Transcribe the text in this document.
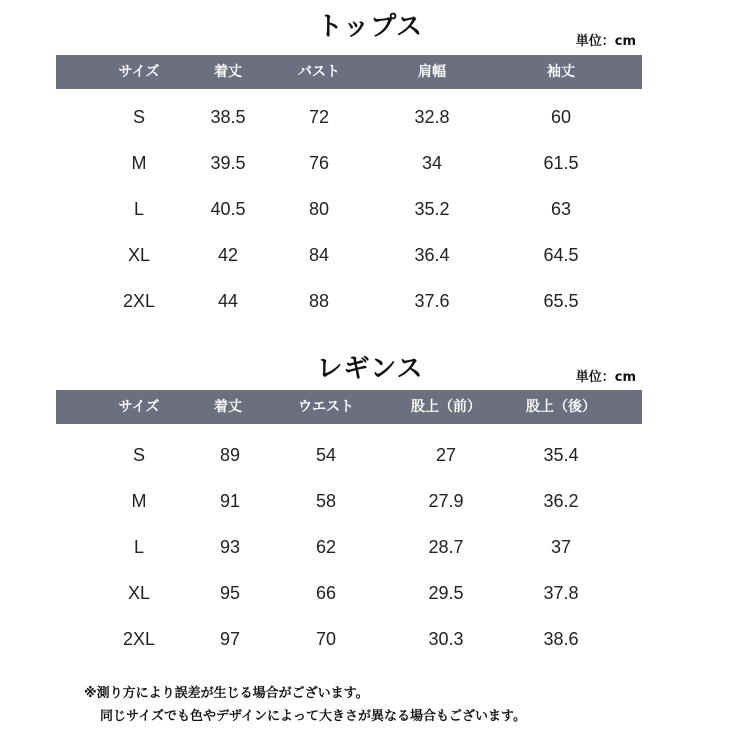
トップス	単位：cm
サイズ	着丈	バスト	肩幅	袖丈
S	38.5	72	32.8	60
M	39.5	76	34	61.5
L	40.5	80	35.2	63
XL	42	84	36.4	64.5
2XL	44	88	37.6	65.5
レギンス	単位：cm
サイズ	着丈	ウエスト	股上（前）	股上（後）
S	89	54	27	35.4
M	91	58	27.9	36.2
L	93	62	28.7	37
XL	95	66	29.5	37.8
2XL	97	70	30.3	38.6
※測り方により誤差が生じる場合がございます。
同じサイズでも色やデザインによって大きさが異なる場合もございます。
